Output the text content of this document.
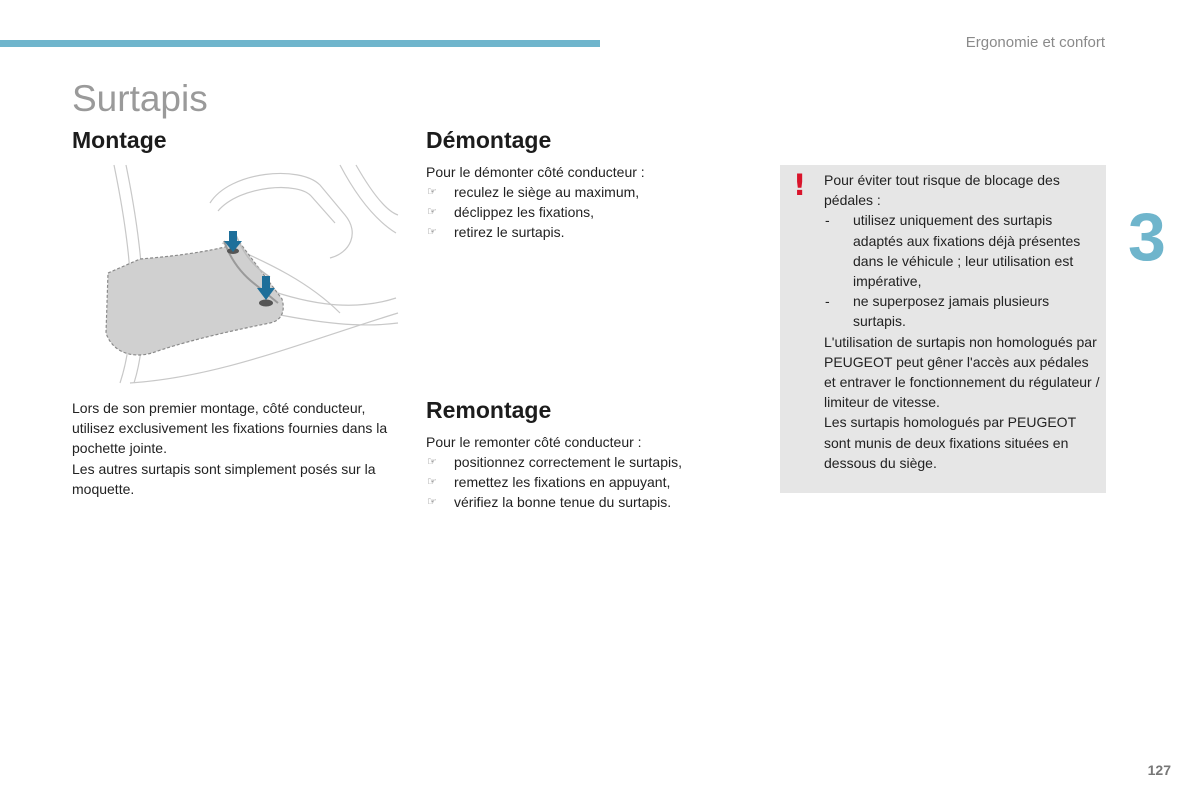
Ergonomie et confort
Surtapis
Montage	Démontage
Remontage

Lors de son premier montage, côté conducteur, utilisez exclusivement les fixations fournies dans la pochette jointe.

Les autres surtapis sont simplement posés sur la moquette.

Pour le démonter côté conducteur :
☞ reculez le siège au maximum,
☞ déclippez les fixations,
☞ retirez le surtapis.
Pour le remonter côté conducteur :
☞ positionnez correctement le surtapis,
☞ remettez les fixations en appuyant,
☞ vérifiez la bonne tenue du surtapis.
! Pour éviter tout risque de blocage des pédales :

- utilisez uniquement des surtapis adaptés aux fixations déjà présentes dans le véhicule ; leur utilisation est impérative,
- ne superposez jamais plusieurs surtapis.

L'utilisation de surtapis non homologués par PEUGEOT peut gêner l'accès aux pédales et entraver le fonctionnement du régulateur / limiteur de vitesse.

Les surtapis homologués par PEUGEOT sont munis de deux fixations situées en dessous du siège.

3
127
